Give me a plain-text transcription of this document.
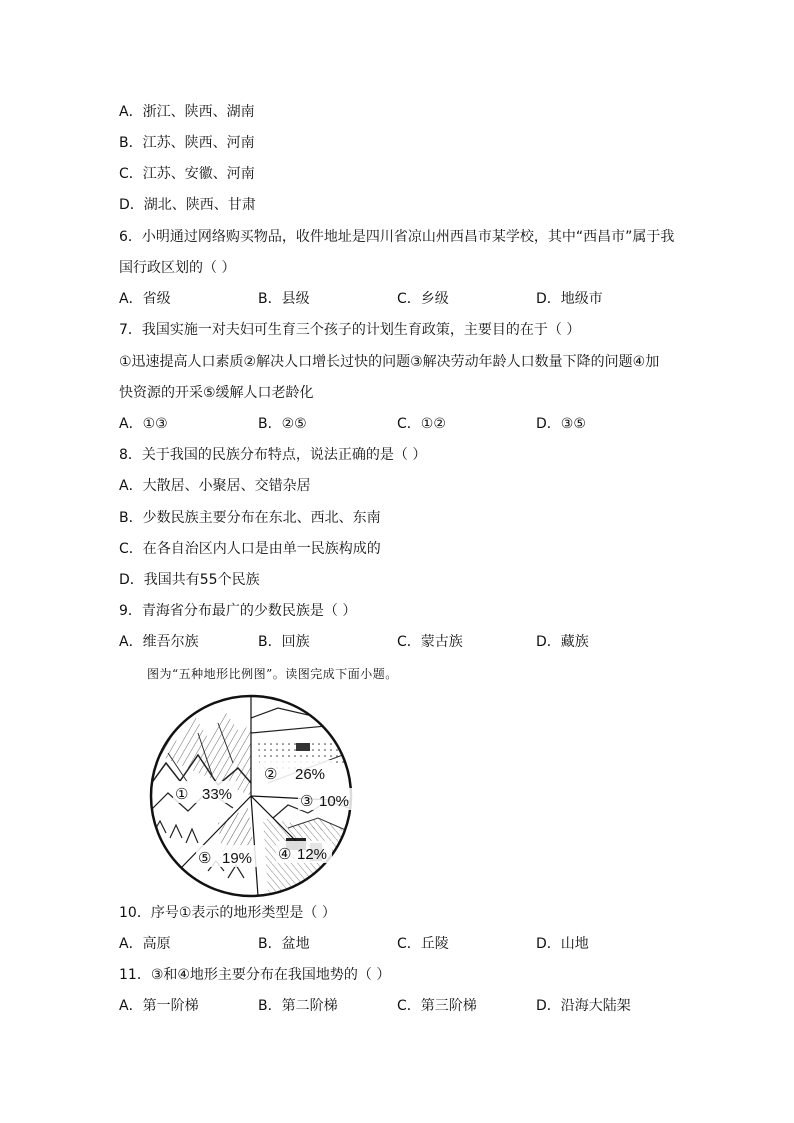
A．浙江、陕西、湖南
B．江苏、陕西、河南
C．江苏、安徽、河南
D．湖北、陕西、甘肃
6．小明通过网络购买物品，收件地址是四川省凉山州西昌市某学校，其中“西昌市”属于我
国行政区划的（ ）
A．省级	B．县级	C．乡级	D．地级市
7．我国实施一对夫妇可生育三个孩子的计划生育政策，主要目的在于（ ）
①迅速提高人口素质②解决人口增长过快的问题③解决劳动年龄人口数量下降的问题④加
快资源的开采⑤缓解人口老龄化
A．①③	B．②⑤	C．①②	D．③⑤
8．关于我国的民族分布特点，说法正确的是（ ）
A．大散居、小聚居、交错杂居
B．少数民族主要分布在东北、西北、东南
C．在各自治区内人口是由单一民族构成的
D．我国共有55个民族
9．青海省分布最广的少数民族是（ ）
A．维吾尔族	B．回族	C．蒙古族	D．藏族
图为“五种地形比例图”。读图完成下面小题。
① 33%
② 26%
③ 10%
④ 12%
⑤ 19%
10．序号①表示的地形类型是（ ）
A．高原	B．盆地	C．丘陵	D．山地
11．③和④地形主要分布在我国地势的（ ）
A．第一阶梯	B．第二阶梯	C．第三阶梯	D．沿海大陆架
